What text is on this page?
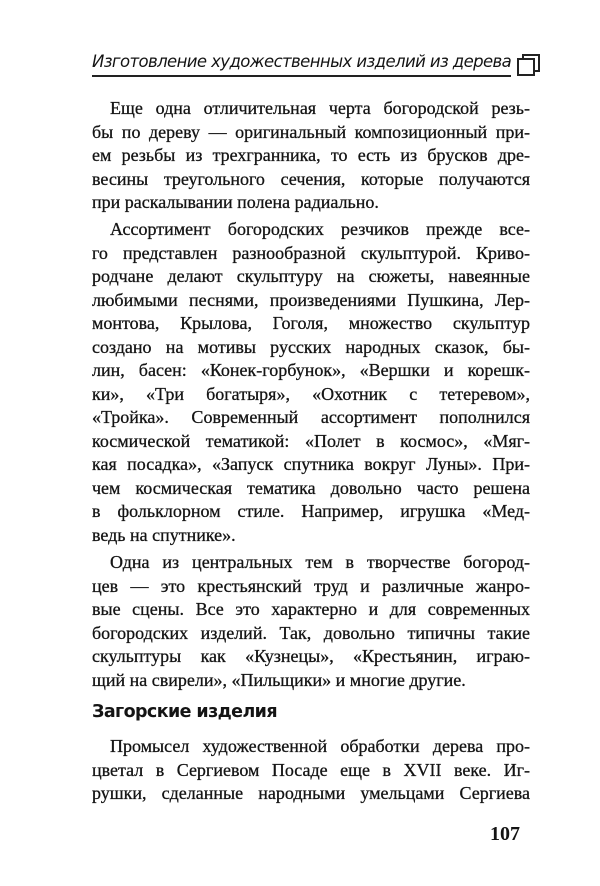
Изготовление художественных изделий из дерева
Еще одна отличительная черта богородской резь-
бы по дереву — оригинальный композиционный при-
ем резьбы из трехгранника, то есть из брусков дре-
весины треугольного сечения, которые получаются
при раскалывании полена радиально.
Ассортимент богородских резчиков прежде все-
го представлен разнообразной скульптурой. Криво-
родчане делают скульптуру на сюжеты, навеянные
любимыми песнями, произведениями Пушкина, Лер-
монтова, Крылова, Гоголя, множество скульптур
создано на мотивы русских народных сказок, бы-
лин, басен: «Конек-горбунок», «Вершки и корешк-
ки», «Три богатыря», «Охотник с тетеревом»,
«Тройка». Современный ассортимент пополнился
космической тематикой: «Полет в космос», «Мяг-
кая посадка», «Запуск спутника вокруг Луны». При-
чем космическая тематика довольно часто решена
в фольклорном стиле. Например, игрушка «Мед-
ведь на спутнике».
Одна из центральных тем в творчестве богород-
цев — это крестьянский труд и различные жанро-
вые сцены. Все это характерно и для современных
богородских изделий. Так, довольно типичны такие
скульптуры как «Кузнецы», «Крестьянин, играю-
щий на свирели», «Пильщики» и многие другие.
Загорские изделия
Промысел художественной обработки дерева про-
цветал в Сергиевом Посаде еще в XVII веке. Иг-
рушки, сделанные народными умельцами Сергиева
107
